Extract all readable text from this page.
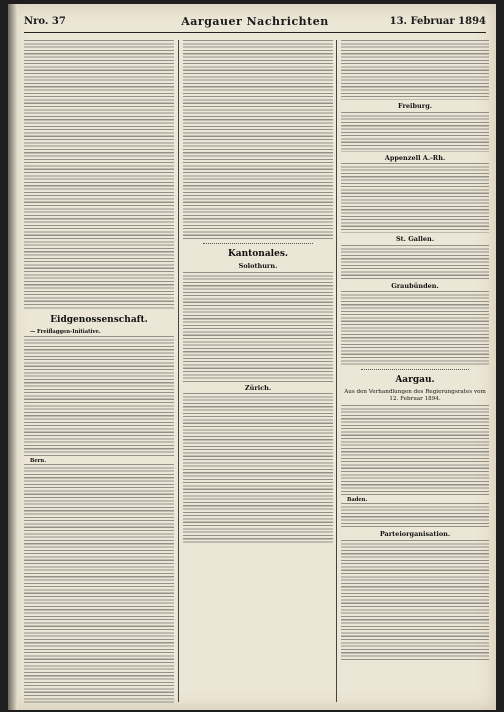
Nro. 37	Aargauer Nachrichten	13. Februar 1894
Eidgenossenschaft.
— Freiflaggen-Initiative.
Bern.
Kantonales.
Solothurn.
Zürich.
Freiburg.
Appenzell A.-Rh.
St. Gallen.
Graubünden.
Aargau.
Aus den Verhandlungen des Regierungsrates vom 12. Februar 1894.
Baden.
Parteiorganisation.
